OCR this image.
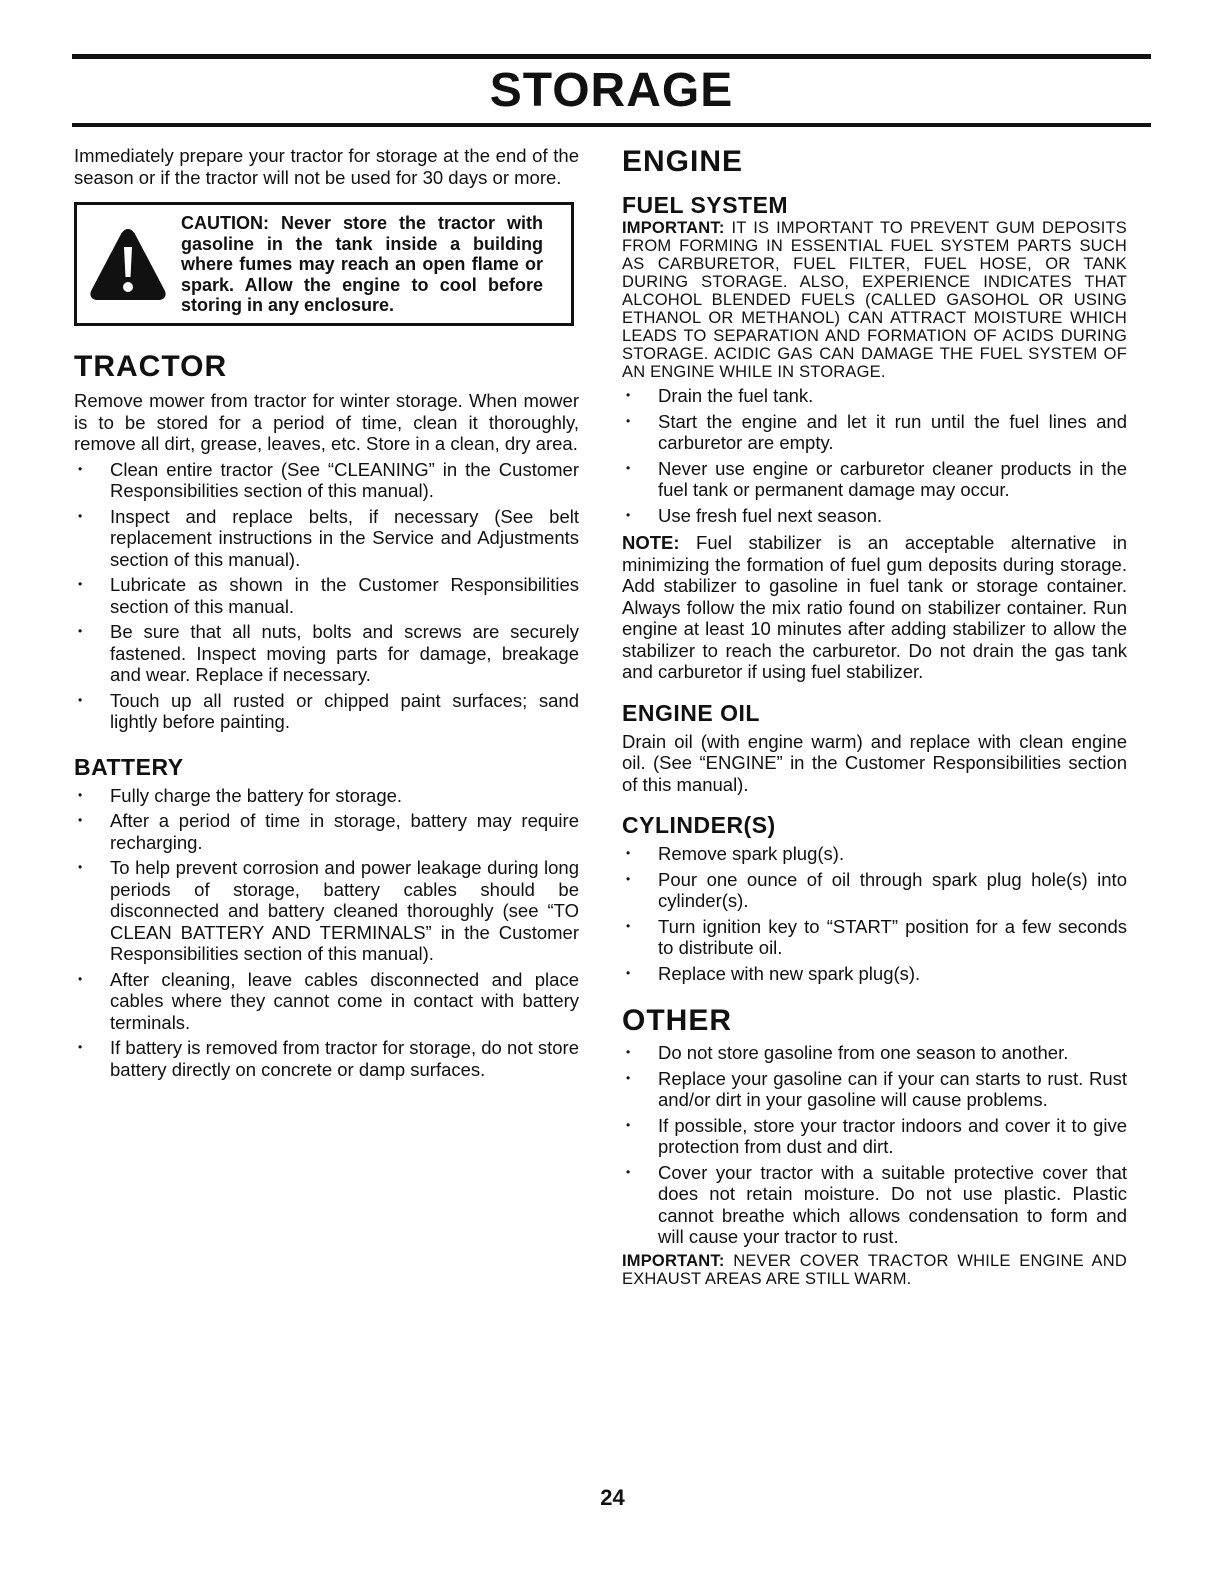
STORAGE

Immediately prepare your tractor for storage at the end of the season or if the tractor will not be used for 30 days or more.

CAUTION: Never store the tractor with gasoline in the tank inside a building where fumes may reach an open flame or spark. Allow the engine to cool before storing in any enclosure.
TRACTOR

Remove mower from tractor for winter storage. When mower is to be stored for a period of time, clean it thoroughly, remove all dirt, grease, leaves, etc. Store in a clean, dry area.

• Clean entire tractor (See “CLEANING” in the Customer Responsibilities section of this manual).
• Inspect and replace belts, if necessary (See belt replacement instructions in the Service and Adjustments section of this manual).
• Lubricate as shown in the Customer Responsibilities section of this manual.
• Be sure that all nuts, bolts and screws are securely fastened. Inspect moving parts for damage, breakage and wear. Replace if necessary.
• Touch up all rusted or chipped paint surfaces; sand lightly before painting.
BATTERY
• Fully charge the battery for storage.
• After a period of time in storage, battery may require recharging.
• To help prevent corrosion and power leakage during long periods of storage, battery cables should be disconnected and battery cleaned thoroughly (see “TO CLEAN BATTERY AND TERMINALS” in the Customer Responsibilities section of this manual).
• After cleaning, leave cables disconnected and place cables where they cannot come in contact with battery terminals.
• If battery is removed from tractor for storage, do not store battery directly on concrete or damp surfaces.
ENGINE
FUEL SYSTEM

IMPORTANT: IT IS IMPORTANT TO PREVENT GUM DEPOSITS FROM FORMING IN ESSENTIAL FUEL SYSTEM PARTS SUCH AS CARBURETOR, FUEL FILTER, FUEL HOSE, OR TANK DURING STORAGE. ALSO, EXPERIENCE INDICATES THAT ALCOHOL BLENDED FUELS (CALLED GASOHOL OR USING ETHANOL OR METHANOL) CAN ATTRACT MOISTURE WHICH LEADS TO SEPARATION AND FORMATION OF ACIDS DURING STORAGE. ACIDIC GAS CAN DAMAGE THE FUEL SYSTEM OF AN ENGINE WHILE IN STORAGE.

• Drain the fuel tank.
• Start the engine and let it run until the fuel lines and carburetor are empty.
• Never use engine or carburetor cleaner products in the fuel tank or permanent damage may occur.
• Use fresh fuel next season.

NOTE: Fuel stabilizer is an acceptable alternative in minimizing the formation of fuel gum deposits during storage. Add stabilizer to gasoline in fuel tank or storage container. Always follow the mix ratio found on stabilizer container. Run engine at least 10 minutes after adding stabilizer to allow the stabilizer to reach the carburetor. Do not drain the gas tank and carburetor if using fuel stabilizer.

ENGINE OIL

Drain oil (with engine warm) and replace with clean engine oil. (See “ENGINE” in the Customer Responsibilities section of this manual).

CYLINDER(S)
• Remove spark plug(s).
• Pour one ounce of oil through spark plug hole(s) into cylinder(s).
• Turn ignition key to “START” position for a few seconds to distribute oil.
• Replace with new spark plug(s).
OTHER
• Do not store gasoline from one season to another.
• Replace your gasoline can if your can starts to rust. Rust and/or dirt in your gasoline will cause problems.
• If possible, store your tractor indoors and cover it to give protection from dust and dirt.
• Cover your tractor with a suitable protective cover that does not retain moisture. Do not use plastic. Plastic cannot breathe which allows condensation to form and will cause your tractor to rust.

IMPORTANT: NEVER COVER TRACTOR WHILE ENGINE AND EXHAUST AREAS ARE STILL WARM.

24
